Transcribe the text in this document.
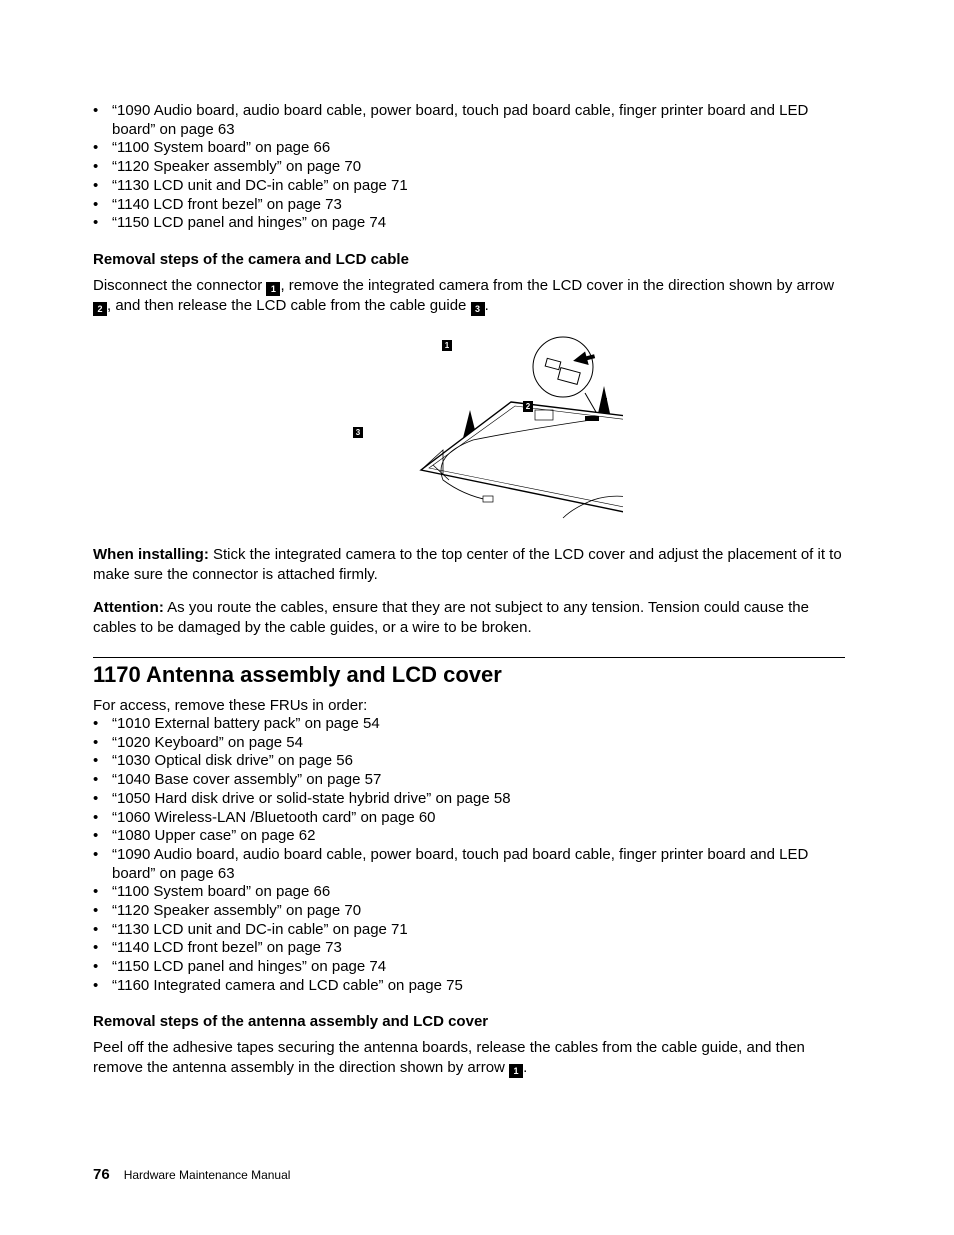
• “1090 Audio board, audio board cable, power board, touch pad board cable, finger printer board and LED board” on page 63
• “1100 System board” on page 66
• “1120 Speaker assembly” on page 70
• “1130 LCD unit and DC-in cable” on page 71
• “1140 LCD front bezel” on page 73
• “1150 LCD panel and hinges” on page 74
Removal steps of the camera and LCD cable
Disconnect the connector 1 , remove the integrated camera from the LCD cover in the direction shown by arrow 2 , and then release the LCD cable from the cable guide 3 .
1
2
3
When installing: Stick the integrated camera to the top center of the LCD cover and adjust the placement of it to make sure the connector is attached firmly.
Attention: As you route the cables, ensure that they are not subject to any tension. Tension could cause the cables to be damaged by the cable guides, or a wire to be broken.
1170 Antenna assembly and LCD cover
For access, remove these FRUs in order:
• “1010 External battery pack” on page 54
• “1020 Keyboard” on page 54
• “1030 Optical disk drive” on page 56
• “1040 Base cover assembly” on page 57
• “1050 Hard disk drive or solid-state hybrid drive” on page 58
• “1060 Wireless-LAN /Bluetooth card” on page 60
• “1080 Upper case” on page 62
• “1090 Audio board, audio board cable, power board, touch pad board cable, finger printer board and LED board” on page 63
• “1100 System board” on page 66
• “1120 Speaker assembly” on page 70
• “1130 LCD unit and DC-in cable” on page 71
• “1140 LCD front bezel” on page 73
• “1150 LCD panel and hinges” on page 74
• “1160 Integrated camera and LCD cable” on page 75
Removal steps of the antenna assembly and LCD cover
Peel off the adhesive tapes securing the antenna boards, release the cables from the cable guide, and then remove the antenna assembly in the direction shown by arrow 1 .
76 Hardware Maintenance Manual
